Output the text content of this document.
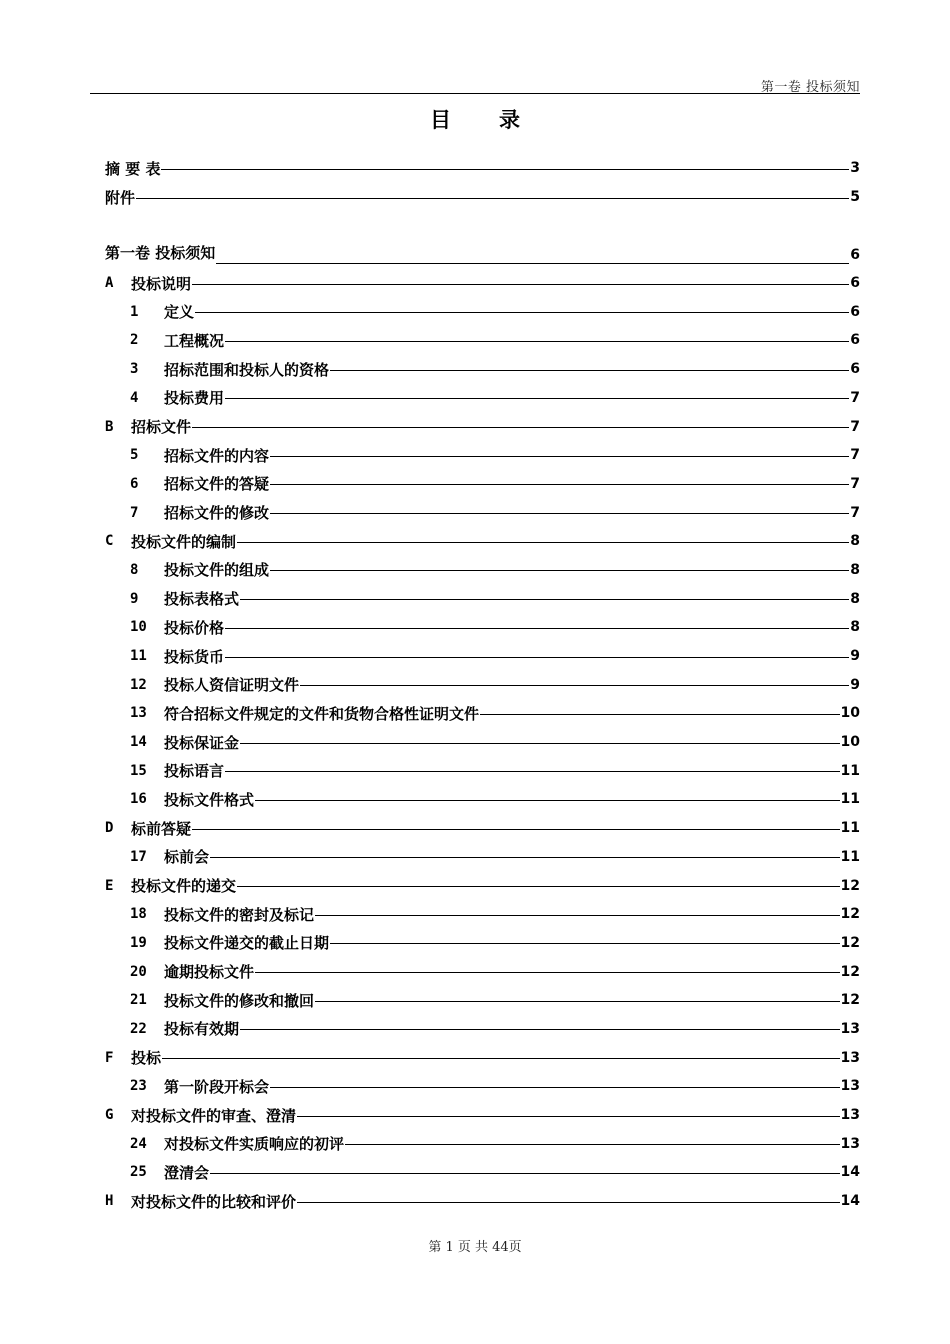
第一卷 投标须知
目录
摘 要 表	3
附件	5
第一卷 投标须知	6
A	投标说明	6
1	定义	6
2	工程概况	6
3	招标范围和投标人的资格	6
4	投标费用	7
B	招标文件	7
5	招标文件的内容	7
6	招标文件的答疑	7
7	招标文件的修改	7
C	投标文件的编制	8
8	投标文件的组成	8
9	投标表格式	8
10	投标价格	8
11	投标货币	9
12	投标人资信证明文件	9
13	符合招标文件规定的文件和货物合格性证明文件	10
14	投标保证金	10
15	投标语言	11
16	投标文件格式	11
D	标前答疑	11
17	标前会	11
E	投标文件的递交	12
18	投标文件的密封及标记	12
19	投标文件递交的截止日期	12
20	逾期投标文件	12
21	投标文件的修改和撤回	12
22	投标有效期	13
F	投标	13
23	第一阶段开标会	13
G	对投标文件的审查、澄清	13
24	对投标文件实质响应的初评	13
25	澄清会	14
H	对投标文件的比较和评价	14
第 1 页 共 44页
